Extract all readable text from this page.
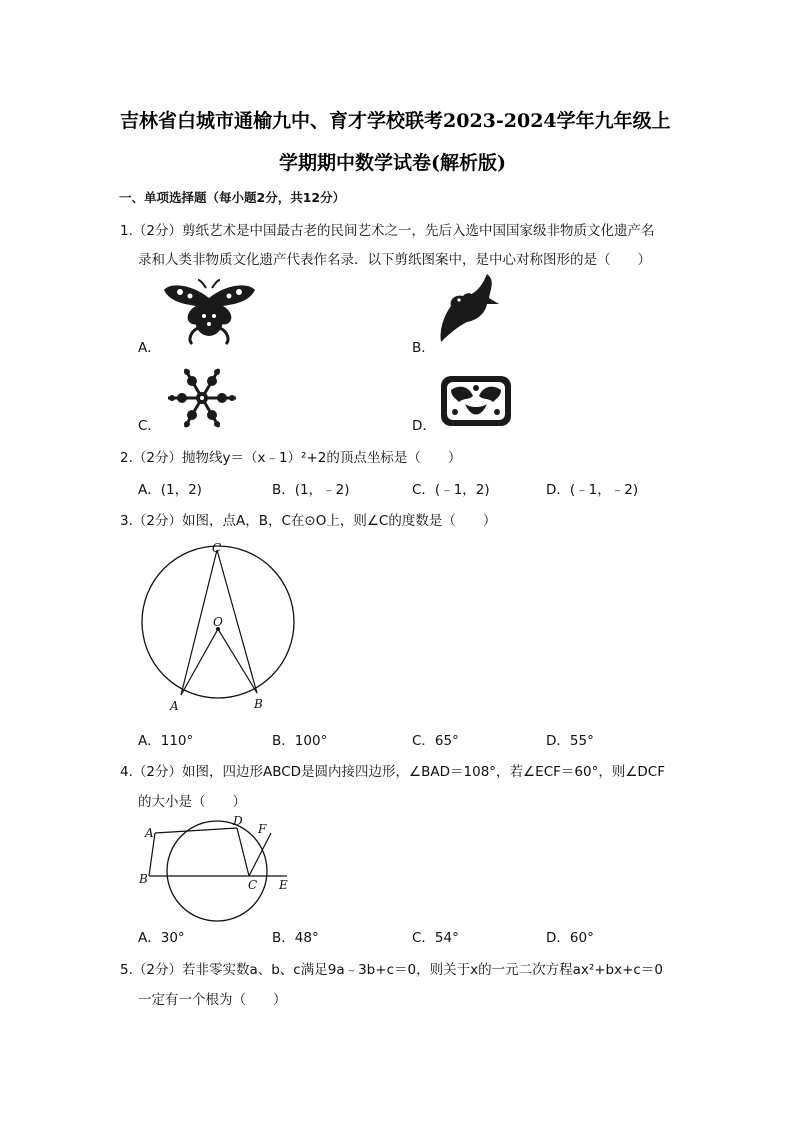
吉林省白城市通榆九中、育才学校联考2023-2024学年九年级上
学期期中数学试卷(解析版)
一、单项选择题（每小题2分，共12分）
1.（2分）剪纸艺术是中国最古老的民间艺术之一，先后入选中国国家级非物质文化遗产名
录和人类非物质文化遗产代表作名录．以下剪纸图案中，是中心对称图形的是（　　）
A．	B．
C．	D．
2.（2分）抛物线y＝（x﹣1）²+2的顶点坐标是（　　）
A．(1，2)	B．(1，﹣2)	C．(﹣1，2)	D．(﹣1，﹣2)
3.（2分）如图，点A，B，C在⊙O上，则∠C的度数是（　　）
C
O
A	B
A．110°	B．100°	C．65°	D．55°
4.（2分）如图，四边形ABCD是圆内接四边形，∠BAD＝108°，若∠ECF＝60°，则∠DCF
的大小是（　　）
A
D
F
B	C E
A．30°	B．48°	C．54°	D．60°
5.（2分）若非零实数a、b、c满足9a﹣3b+c＝0，则关于x的一元二次方程ax²+bx+c＝0
一定有一个根为（　　）
